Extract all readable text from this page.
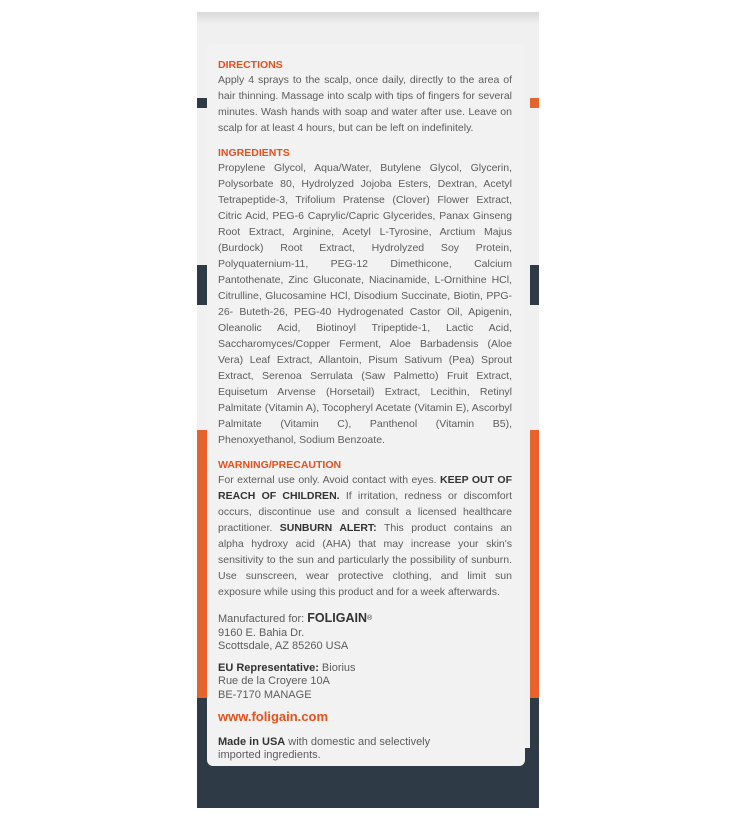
DIRECTIONS

Apply 4 sprays to the scalp, once daily, directly to the area of hair thinning. Massage into scalp with tips of fingers for several minutes. Wash hands with soap and water after use. Leave on scalp for at least 4 hours, but can be left on indefinitely.

INGREDIENTS

Propylene Glycol, Aqua/Water, Butylene Glycol, Glycerin, Polysorbate 80, Hydrolyzed Jojoba Esters, Dextran, Acetyl Tetrapeptide-3, Trifolium Pratense (Clover) Flower Extract, Citric Acid, PEG-6 Caprylic/Capric Glycerides, Panax Ginseng Root Extract, Arginine, Acetyl L-Tyrosine, Arctium Majus (Burdock) Root Extract, Hydrolyzed Soy Protein, Polyquaternium-11, PEG-12 Dimethicone, Calcium Pantothenate, Zinc Gluconate, Niacinamide, L-Ornithine HCl, Citrulline, Glucosamine HCl, Disodium Succinate, Biotin, PPG-26- Buteth-26, PEG-40 Hydrogenated Castor Oil, Apigenin, Oleanolic Acid, Biotinoyl Tripeptide-1, Lactic Acid, Saccharomyces/Copper Ferment, Aloe Barbadensis (Aloe Vera) Leaf Extract, Allantoin, Pisum Sativum (Pea) Sprout Extract, Serenoa Serrulata (Saw Palmetto) Fruit Extract, Equisetum Arvense (Horsetail) Extract, Lecithin, Retinyl Palmitate (Vitamin A), Tocopheryl Acetate (Vitamin E), Ascorbyl Palmitate (Vitamin C), Panthenol (Vitamin B5), Phenoxyethanol, Sodium Benzoate.

WARNING/PRECAUTION

For external use only. Avoid contact with eyes. KEEP OUT OF REACH OF CHILDREN. If irritation, redness or discomfort occurs, discontinue use and consult a licensed healthcare practitioner. SUNBURN ALERT: This product contains an alpha hydroxy acid (AHA) that may increase your skin's sensitivity to the sun and particularly the possibility of sunburn. Use sunscreen, wear protective clothing, and limit sun exposure while using this product and for a week afterwards.

Manufactured for: FOLIGAIN®
9160 E. Bahia Dr.
Scottsdale, AZ 85260 USA
EU Representative: Biorius
Rue de la Croyere 10A
BE-7170 MANAGE
www.foligain.com
Made in USA with domestic and selectively
imported ingredients.
